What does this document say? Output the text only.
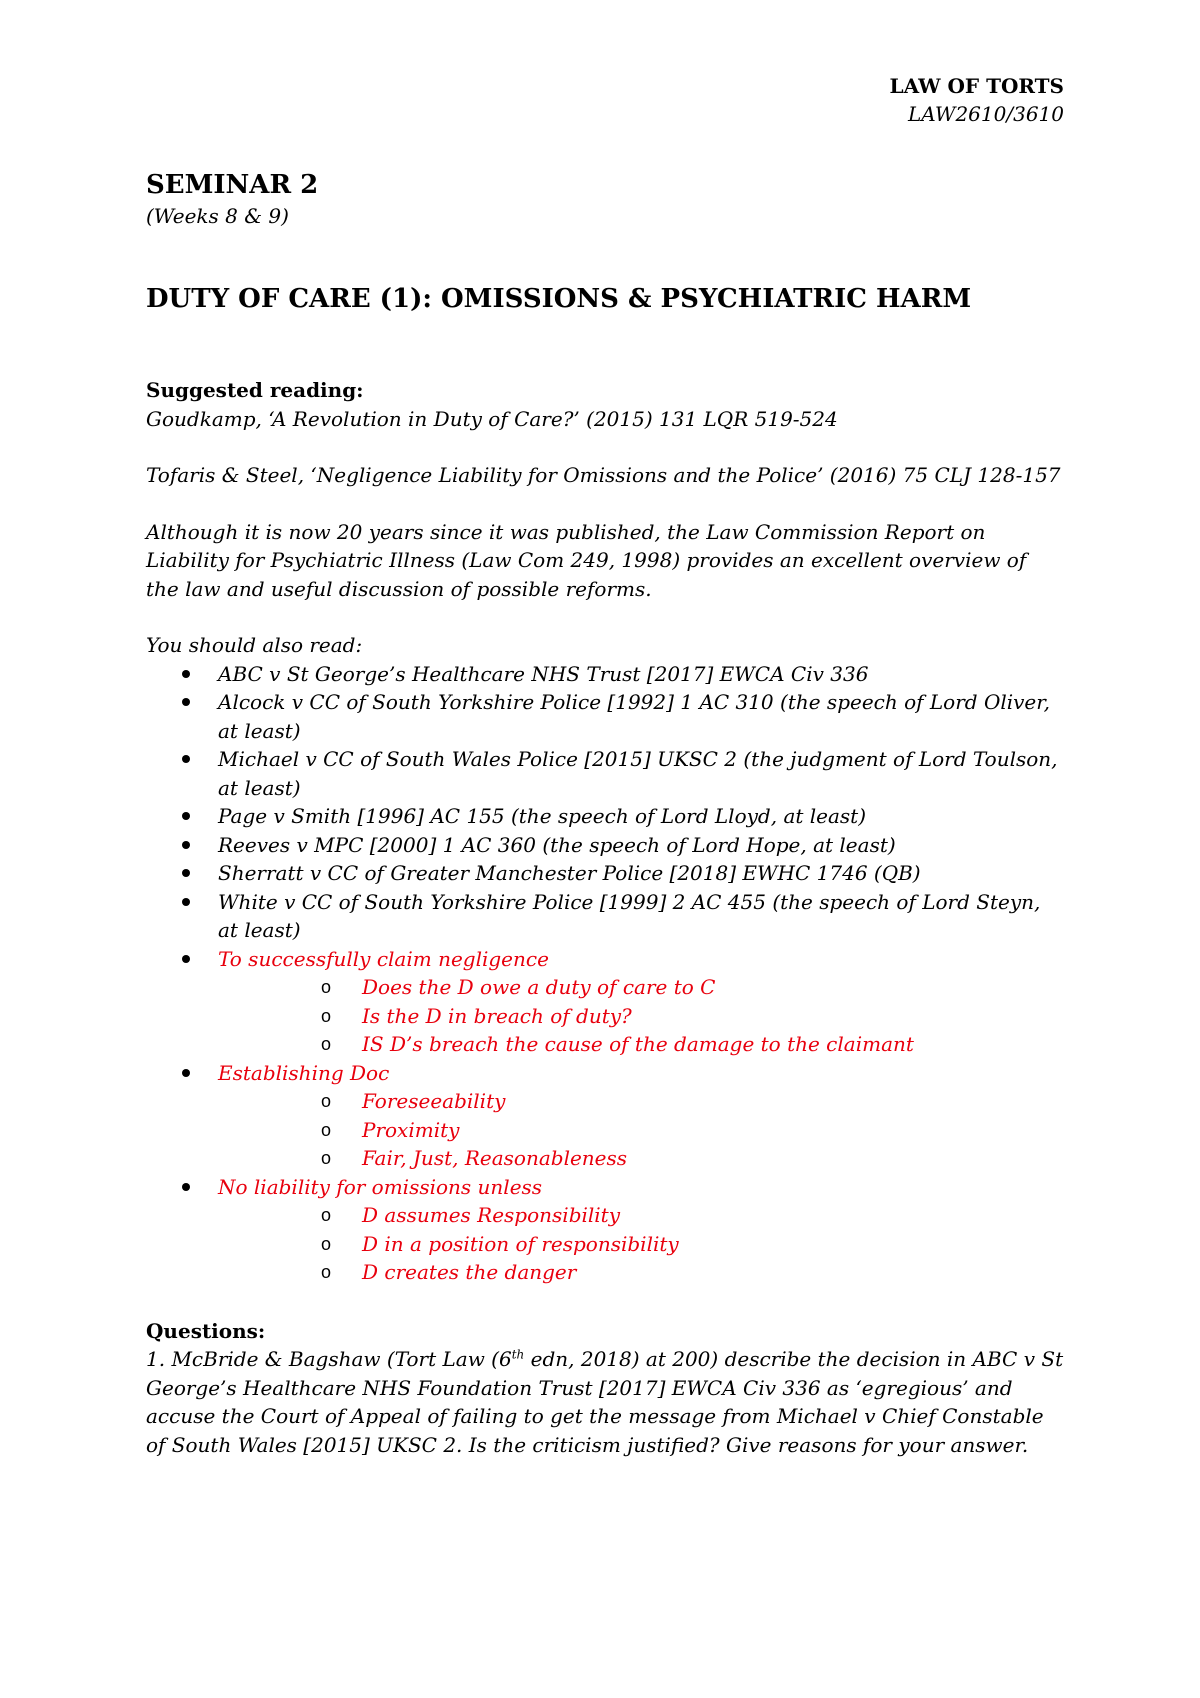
LAW OF TORTS
LAW2610/3610
SEMINAR 2
(Weeks 8 & 9)
DUTY OF CARE (1): OMISSIONS & PSYCHIATRIC HARM
Suggested reading:

Goudkamp, ‘A Revolution in Duty of Care?’ (2015) 131 LQR 519-524

Tofaris & Steel, ‘Negligence Liability for Omissions and the Police’ (2016) 75 CLJ 128-157

Although it is now 20 years since it was published, the Law Commission Report on Liability for Psychiatric Illness (Law Com 249, 1998) provides an excellent overview of the law and useful discussion of possible reforms.

You should also read:

ABC v St George’s Healthcare NHS Trust [2017] EWCA Civ 336
Alcock v CC of South Yorkshire Police [1992] 1 AC 310 (the speech of Lord Oliver, at least)
Michael v CC of South Wales Police [2015] UKSC 2 (the judgment of Lord Toulson, at least)
Page v Smith [1996] AC 155 (the speech of Lord Lloyd, at least)
Reeves v MPC [2000] 1 AC 360 (the speech of Lord Hope, at least)
Sherratt v CC of Greater Manchester Police [2018] EWHC 1746 (QB)
White v CC of South Yorkshire Police [1999] 2 AC 455 (the speech of Lord Steyn, at least)
To successfully claim negligence
o Does the D owe a duty of care to C
o Is the D in breach of duty?
o IS D’s breach the cause of the damage to the claimant
Establishing Doc
o Foreseeability
o Proximity
o Fair, Just, Reasonableness
No liability for omissions unless
o D assumes Responsibility
o D in a position of responsibility
o D creates the danger
Questions:

1. McBride & Bagshaw (Tort Law (6th edn, 2018) at 200) describe the decision in ABC v St George’s Healthcare NHS Foundation Trust [2017] EWCA Civ 336 as ‘egregious’ and accuse the Court of Appeal of failing to get the message from Michael v Chief Constable of South Wales [2015] UKSC 2. Is the criticism justified? Give reasons for your answer.
